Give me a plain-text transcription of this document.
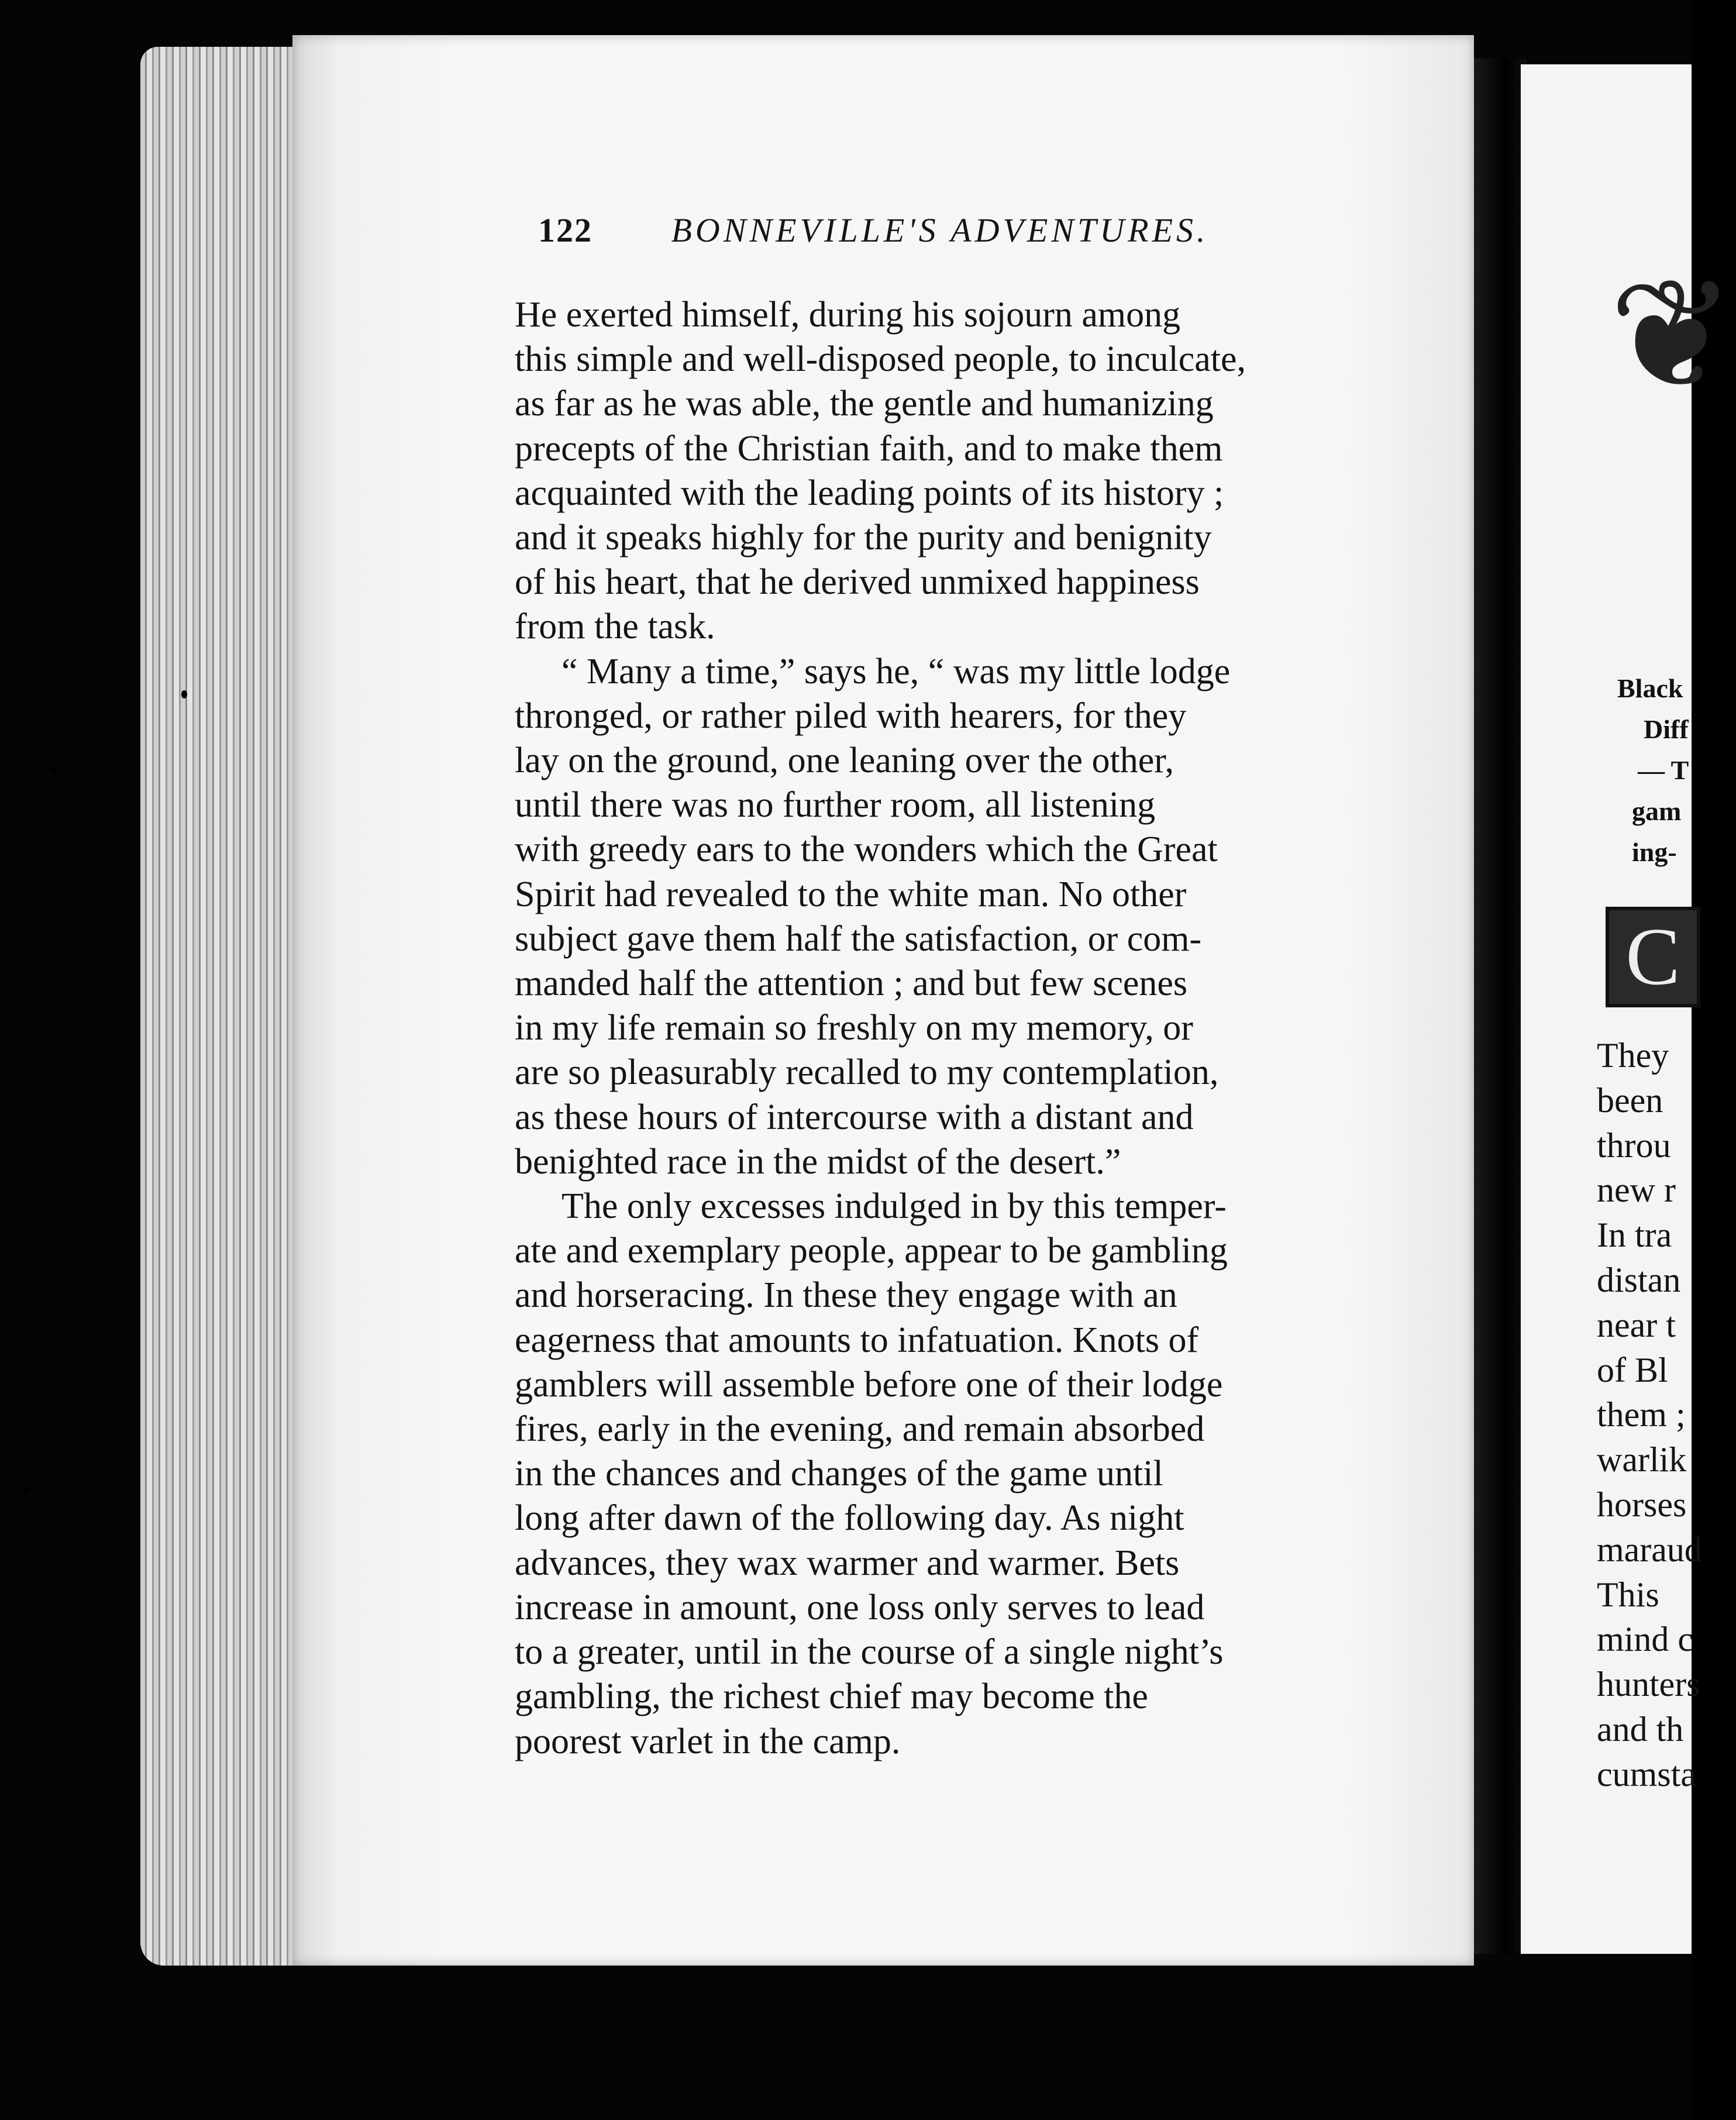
122 BONNEVILLE'S ADVENTURES.
He exerted himself, during his sojourn among
this simple and well-disposed people, to inculcate,
as far as he was able, the gentle and humanizing
precepts of the Christian faith, and to make them
acquainted with the leading points of its history ;
and it speaks highly for the purity and benignity
of his heart, that he derived unmixed happiness
from the task.
“ Many a time,” says he, “ was my little lodge
thronged, or rather piled with hearers, for they
lay on the ground, one leaning over the other,
until there was no further room, all listening
with greedy ears to the wonders which the Great
Spirit had revealed to the white man. No other
subject gave them half the satisfaction, or com-
manded half the attention ; and but few scenes
in my life remain so freshly on my memory, or
are so pleasurably recalled to my contemplation,
as these hours of intercourse with a distant and
benighted race in the midst of the desert.”
The only excesses indulged in by this temper-
ate and exemplary people, appear to be gambling
and horseracing. In these they engage with an
eagerness that amounts to infatuation. Knots of
gamblers will assemble before one of their lodge
fires, early in the evening, and remain absorbed
in the chances and changes of the game until
long after dawn of the following day. As night
advances, they wax warmer and warmer. Bets
increase in amount, one loss only serves to lead
to a greater, until in the course of a single night’s
gambling, the richest chief may become the
poorest varlet in the camp.
❦
Black
Diff
— T
gam
ing-
C
They
been
throu
new r
In tra
distan
near t
of Bl
them ;
warlik
horses
maraud
This
mind c
hunters
and th
cumsta
